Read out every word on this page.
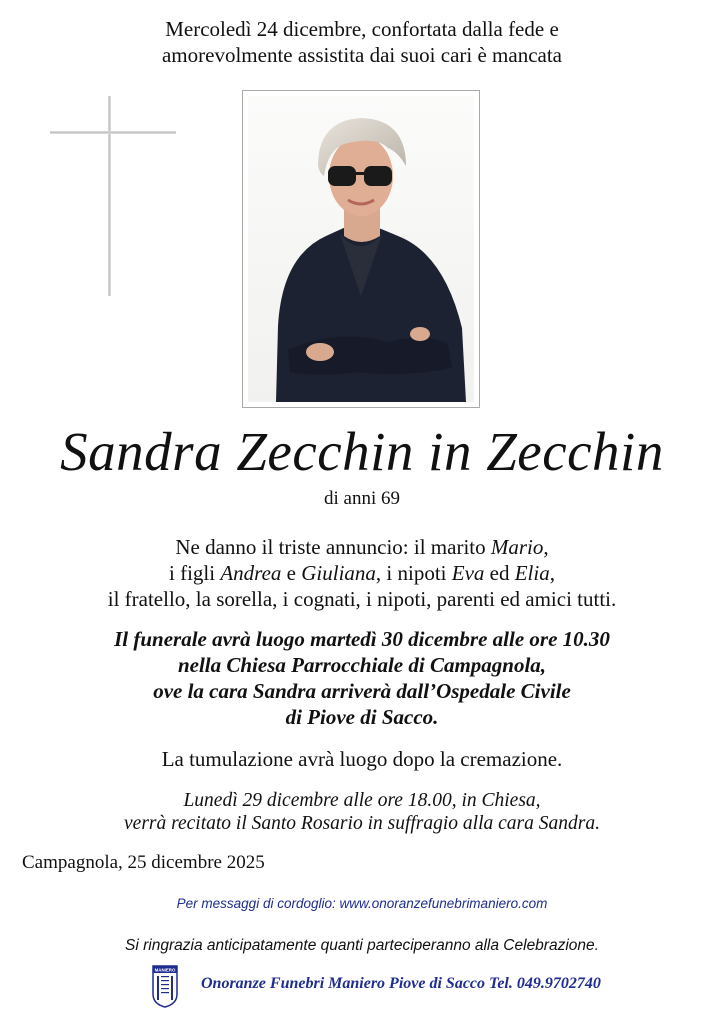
Mercoledì 24 dicembre, confortata dalla fede e
amorevolmente assistita dai suoi cari è mancata
Sandra Zecchin in Zecchin
di anni 69
Ne danno il triste annuncio: il marito Mario,
i figli Andrea e Giuliana, i nipoti Eva ed Elia,
il fratello, la sorella, i cognati, i nipoti, parenti ed amici tutti.
Il funerale avrà luogo martedì 30 dicembre alle ore 10.30
nella Chiesa Parrocchiale di Campagnola,
ove la cara Sandra arriverà dall’Ospedale Civile
di Piove di Sacco.
La tumulazione avrà luogo dopo la cremazione.
Lunedì 29 dicembre alle ore 18.00, in Chiesa,
verrà recitato il Santo Rosario in suffragio alla cara Sandra.
Campagnola, 25 dicembre 2025
Per messaggi di cordoglio: www.onoranzefunebrimaniero.com
Si ringrazia anticipatamente quanti parteciperanno alla Celebrazione.
MANIERO
Onoranze Funebri Maniero Piove di Sacco Tel. 049.9702740
